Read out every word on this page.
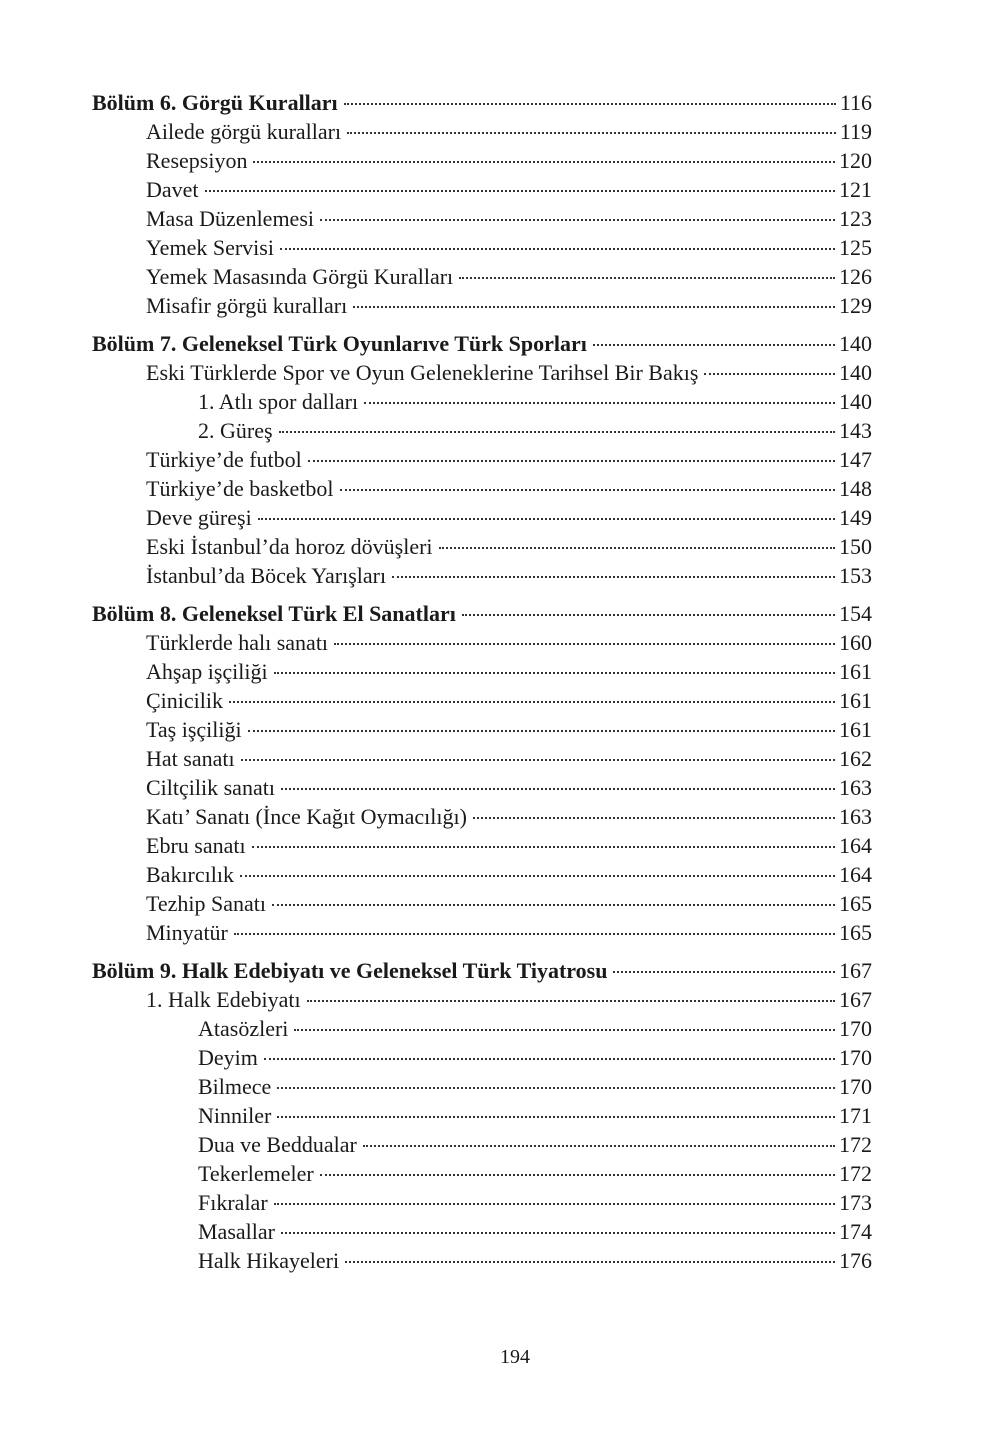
Bölüm 6. Görgü Kuralları	116
Ailede görgü kuralları	119
Resepsiyon	120
Davet	121
Masa Düzenlemesi	123
Yemek Servisi	125
Yemek Masasında Görgü Kuralları	126
Misafir görgü kuralları	129
Bölüm 7. Geleneksel Türk Oyunlarıve Türk Sporları	140
Eski Türklerde Spor ve Oyun Geleneklerine Tarihsel Bir Bakış	140
1. Atlı spor dalları	140
2. Güreş	143
Türkiye’de futbol	147
Türkiye’de basketbol	148
Deve güreşi	149
Eski İstanbul’da horoz dövüşleri	150
İstanbul’da Böcek Yarışları	153
Bölüm 8. Geleneksel Türk El Sanatları	154
Türklerde halı sanatı	160
Ahşap işçiliği	161
Çinicilik	161
Taş işçiliği	161
Hat sanatı	162
Ciltçilik sanatı	163
Katı’ Sanatı (İnce Kağıt Oymacılığı)	163
Ebru sanatı	164
Bakırcılık	164
Tezhip Sanatı	165
Minyatür	165
Bölüm 9. Halk Edebiyatı ve Geleneksel Türk Tiyatrosu	167
1. Halk Edebiyatı	167
Atasözleri	170
Deyim	170
Bilmece	170
Ninniler	171
Dua ve Beddualar	172
Tekerlemeler	172
Fıkralar	173
Masallar	174
Halk Hikayeleri	176
194
